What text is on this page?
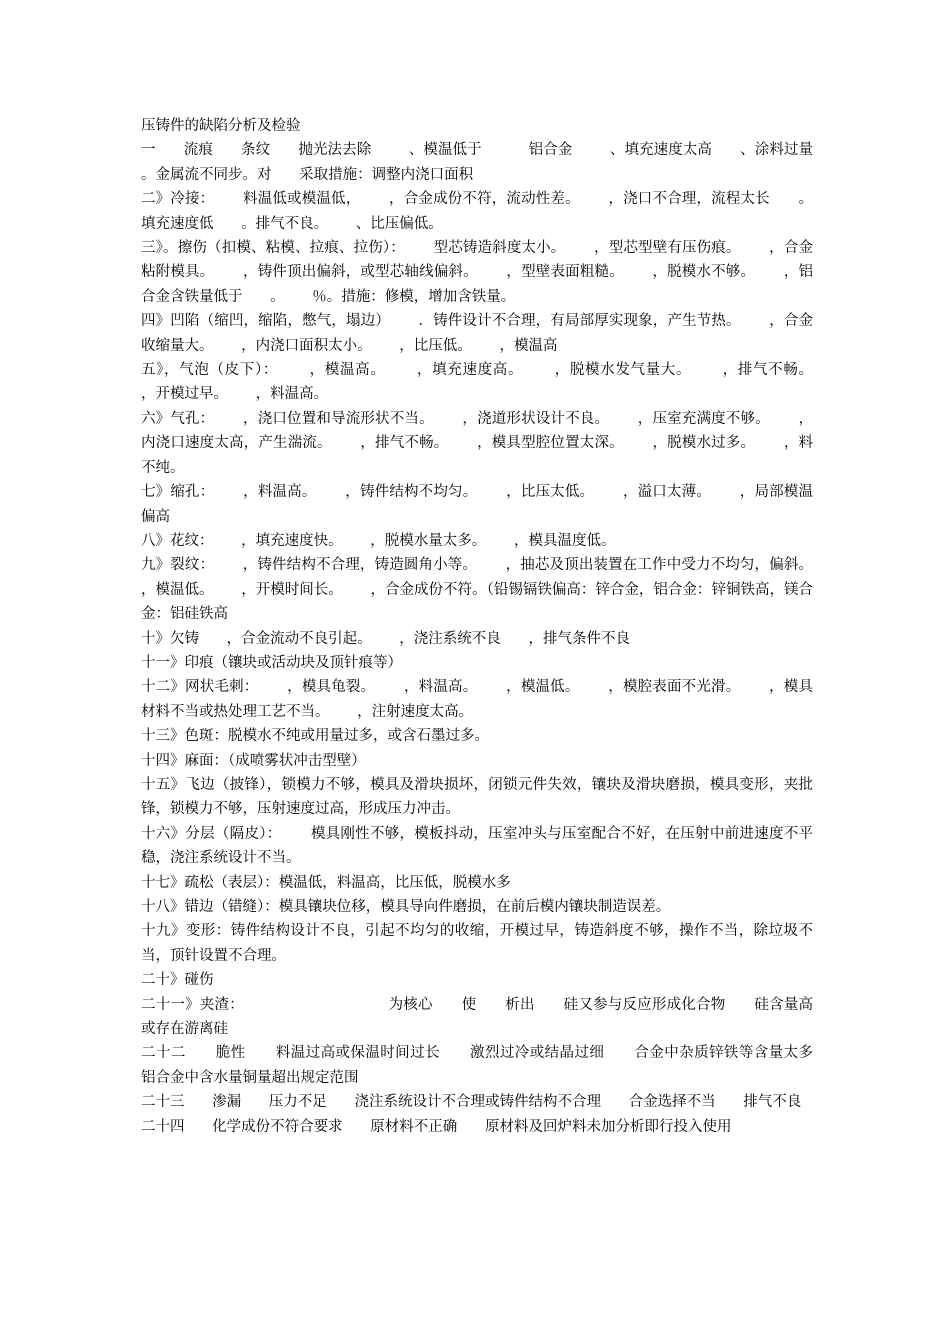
压铸件的缺陷分析及检验

一      流痕      条纹      抛光法去除        、模温低于          铝合金        、填充速度太高      、涂料过量      。金属流不同步。对      采取措施：调整内浇口面积

二》冷接：      料温低或模温低，      ，合金成份不符，流动性差。      ，浇口不合理，流程太长      。填充速度低      。排气不良。      、比压偏低。

三》。擦伤（扣模、粘模、拉痕、拉伤）：      型芯铸造斜度太小。      ，型芯型壁有压伤痕。      ，合金粘附模具。      ，铸件顶出偏斜，或型芯轴线偏斜。      ，型壁表面粗糙。      ，脱模水不够。      ，铝合金含铁量低于      。      ％。措施：修模，增加含铁量。

四》凹陷（缩凹，缩陷，憋气，塌边）      ．铸件设计不合理，有局部厚实现象，产生节热。      ，合金收缩量大。      ，内浇口面积太小。      ，比压低。      ，模温高

五》，气泡（皮下）：      ，模温高。      ，填充速度高。      ，脱模水发气量大。      ，排气不畅。      ，开模过早。      ，料温高。

六》气孔：      ，浇口位置和导流形状不当。      ，浇道形状设计不良。      ，压室充满度不够。      ，内浇口速度太高，产生湍流。      ，排气不畅。      ，模具型腔位置太深。      ，脱模水过多。      ，料不纯。

七》缩孔：      ，料温高。      ，铸件结构不均匀。      ，比压太低。      ，溢口太薄。      ，局部模温偏高

八》花纹：      ，填充速度快。      ，脱模水量太多。      ，模具温度低。

九》裂纹：      ，铸件结构不合理，铸造圆角小等。      ，抽芯及顶出装置在工作中受力不均匀，偏斜。      ，模温低。      ，开模时间长。      ，合金成份不符。（铅锡镉铁偏高：锌合金，铝合金：锌铜铁高，镁合金：铝硅铁高

十》欠铸      ，合金流动不良引起。      ，浇注系统不良      ，排气条件不良

十一》印痕（镶块或活动块及顶针痕等）

十二》网状毛刺：      ，模具龟裂。      ，料温高。      ，模温低。      ，模腔表面不光滑。      ，模具材料不当或热处理工艺不当。      ，注射速度太高。

十三》色斑：脱模水不纯或用量过多，或含石墨过多。

十四》麻面：（成喷雾状冲击型壁）

十五》飞边（披锋），锁模力不够，模具及滑块损坏，闭锁元件失效，镶块及滑块磨损，模具变形，夹批锋，锁模力不够，压射速度过高，形成压力冲击。

十六》分层（隔皮）：      模具刚性不够，模板抖动，压室冲头与压室配合不好，在压射中前进速度不平稳，浇注系统设计不当。

十七》疏松（表层）：模温低，料温高，比压低，脱模水多

十八》错边（错缝）：模具镶块位移，模具导向件磨损，在前后模内镶块制造误差。

十九》变形：铸件结构设计不良，引起不均匀的收缩，开模过早，铸造斜度不够，操作不当，除垃圾不当，顶针设置不合理。

二十》碰伤

二十一》夹渣：                              为核心      使      析出      硅又参与反应形成化合物      硅含量高      或存在游离硅

二十二      脆性      料温过高或保温时间过长      激烈过冷或结晶过细      合金中杂质锌铁等含量太多      铝合金中含水量铜量超出规定范围

二十三      渗漏      压力不足      浇注系统设计不合理或铸件结构不合理      合金选择不当      排气不良

二十四      化学成份不符合要求      原材料不正确      原材料及回炉料未加分析即行投入使用
